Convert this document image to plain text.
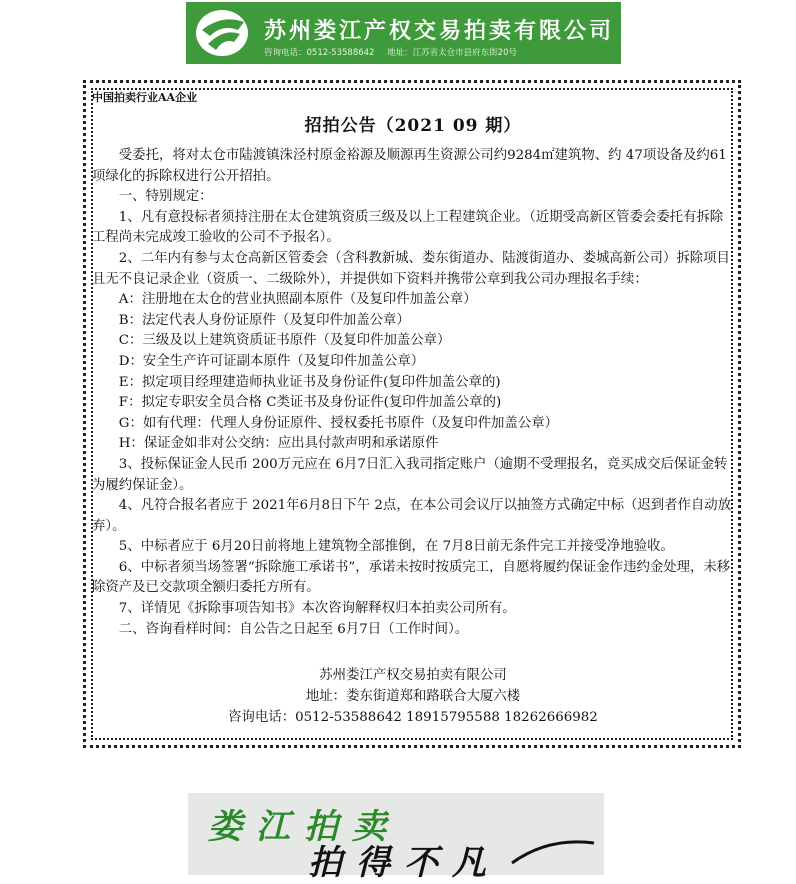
苏州娄江产权交易拍卖有限公司
咨询电话：0512-53588642 地址：江苏省太仓市县府东街20号
中国拍卖行业AA企业
招拍公告（2021 09 期）

受委托，将对太仓市陆渡镇洙泾村原金裕源及顺源再生资源公司约9284㎡建筑物、约 47项设备及约61项绿化的拆除权进行公开招拍。

一、特别规定：

1、凡有意投标者须持注册在太仓建筑资质三级及以上工程建筑企业。（近期受高新区管委会委托有拆除工程尚未完成竣工验收的公司不予报名）。

2、二年内有参与太仓高新区管委会（含科教新城、娄东街道办、陆渡街道办、娄城高新公司）拆除项目且无不良记录企业（资质一、二级除外），并提供如下资料并携带公章到我公司办理报名手续：

A：注册地在太仓的营业执照副本原件（及复印件加盖公章）

B：法定代表人身份证原件（及复印件加盖公章）

C：三级及以上建筑资质证书原件（及复印件加盖公章）

D：安全生产许可证副本原件（及复印件加盖公章）

E：拟定项目经理建造师执业证书及身份证件(复印件加盖公章的)

F：拟定专职安全员合格 C类证书及身份证件(复印件加盖公章的)

G：如有代理：代理人身份证原件、授权委托书原件（及复印件加盖公章）

H：保证金如非对公交纳：应出具付款声明和承诺原件

3、投标保证金人民币 200万元应在 6月7日汇入我司指定账户（逾期不受理报名，竞买成交后保证金转为履约保证金）。

4、凡符合报名者应于 2021年6月8日下午 2点，在本公司会议厅以抽签方式确定中标（迟到者作自动放弃）。

5、中标者应于 6月20日前将地上建筑物全部推倒，在 7月8日前无条件完工并接受净地验收。

6、中标者须当场签署“拆除施工承诺书”，承诺未按时按质完工，自愿将履约保证金作违约金处理，未移除资产及已交款项全额归委托方所有。

7、详情见《拆除事项告知书》本次咨询解释权归本拍卖公司所有。

二、咨询看样时间：自公告之日起至 6月7日（工作时间）。

苏州娄江产权交易拍卖有限公司
地址：娄东街道郑和路联合大厦六楼
咨询电话：0512-53588642 18915795588 18262666982
娄江拍卖
拍得不凡
